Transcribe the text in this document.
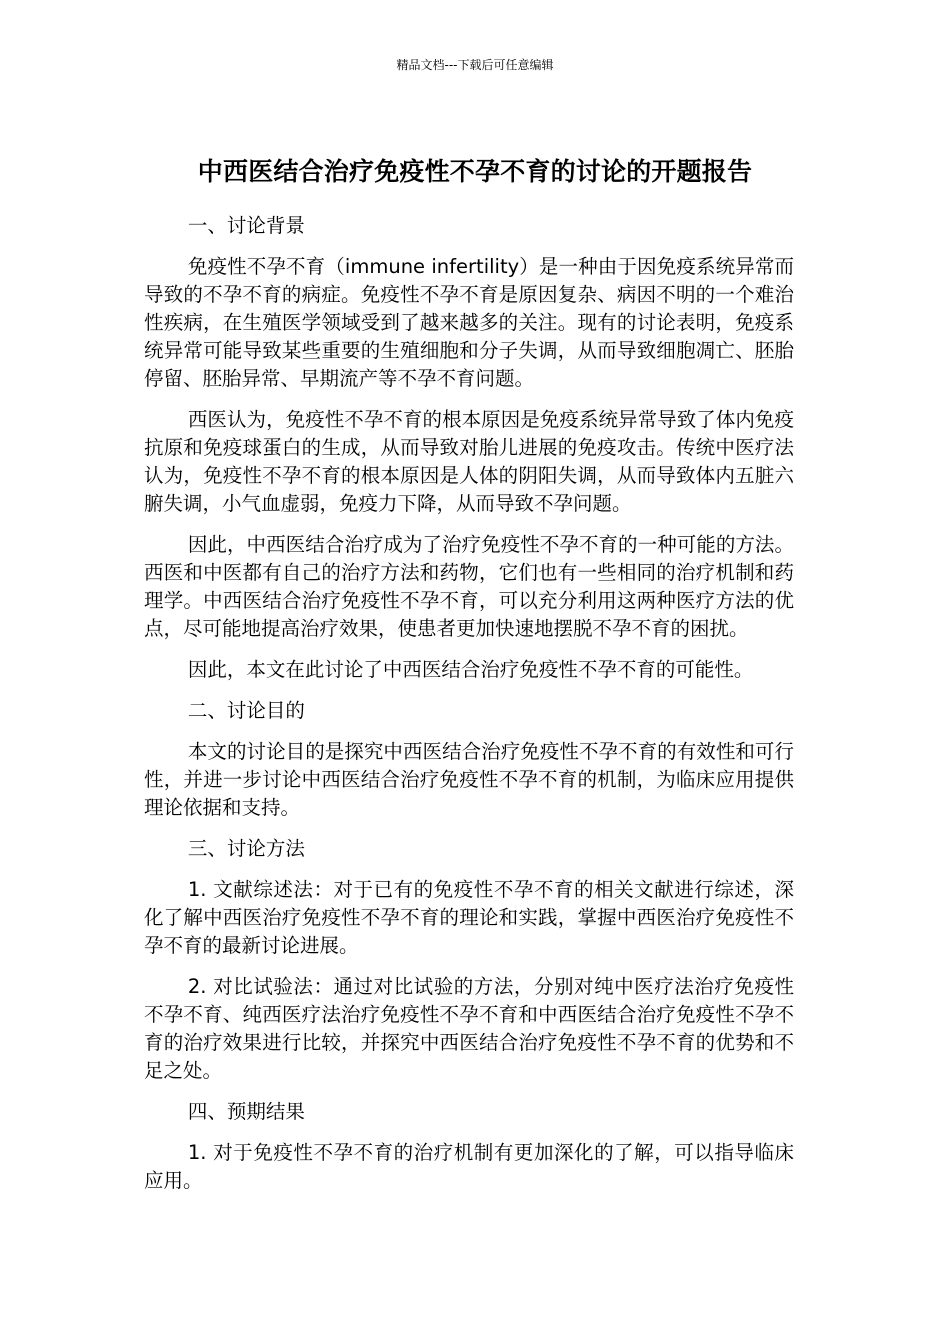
精品文档---下载后可任意编辑
中西医结合治疗免疫性不孕不育的讨论的开题报告

一、讨论背景

免疫性不孕不育（immune infertility）是一种由于因免疫系统异常而导致的不孕不育的病症。免疫性不孕不育是原因复杂、病因不明的一个难治性疾病，在生殖医学领域受到了越来越多的关注。现有的讨论表明，免疫系统异常可能导致某些重要的生殖细胞和分子失调，从而导致细胞凋亡、胚胎停留、胚胎异常、早期流产等不孕不育问题。

西医认为，免疫性不孕不育的根本原因是免疫系统异常导致了体内免疫抗原和免疫球蛋白的生成，从而导致对胎儿进展的免疫攻击。传统中医疗法认为，免疫性不孕不育的根本原因是人体的阴阳失调，从而导致体内五脏六腑失调，小气血虚弱，免疫力下降，从而导致不孕问题。

因此，中西医结合治疗成为了治疗免疫性不孕不育的一种可能的方法。西医和中医都有自己的治疗方法和药物，它们也有一些相同的治疗机制和药理学。中西医结合治疗免疫性不孕不育，可以充分利用这两种医疗方法的优点，尽可能地提高治疗效果，使患者更加快速地摆脱不孕不育的困扰。

因此，本文在此讨论了中西医结合治疗免疫性不孕不育的可能性。

二、讨论目的

本文的讨论目的是探究中西医结合治疗免疫性不孕不育的有效性和可行性，并进一步讨论中西医结合治疗免疫性不孕不育的机制，为临床应用提供理论依据和支持。

三、讨论方法

1. 文献综述法：对于已有的免疫性不孕不育的相关文献进行综述，深化了解中西医治疗免疫性不孕不育的理论和实践，掌握中西医治疗免疫性不孕不育的最新讨论进展。

2. 对比试验法：通过对比试验的方法，分别对纯中医疗法治疗免疫性不孕不育、纯西医疗法治疗免疫性不孕不育和中西医结合治疗免疫性不孕不育的治疗效果进行比较，并探究中西医结合治疗免疫性不孕不育的优势和不足之处。

四、预期结果

1. 对于免疫性不孕不育的治疗机制有更加深化的了解，可以指导临床应用。
